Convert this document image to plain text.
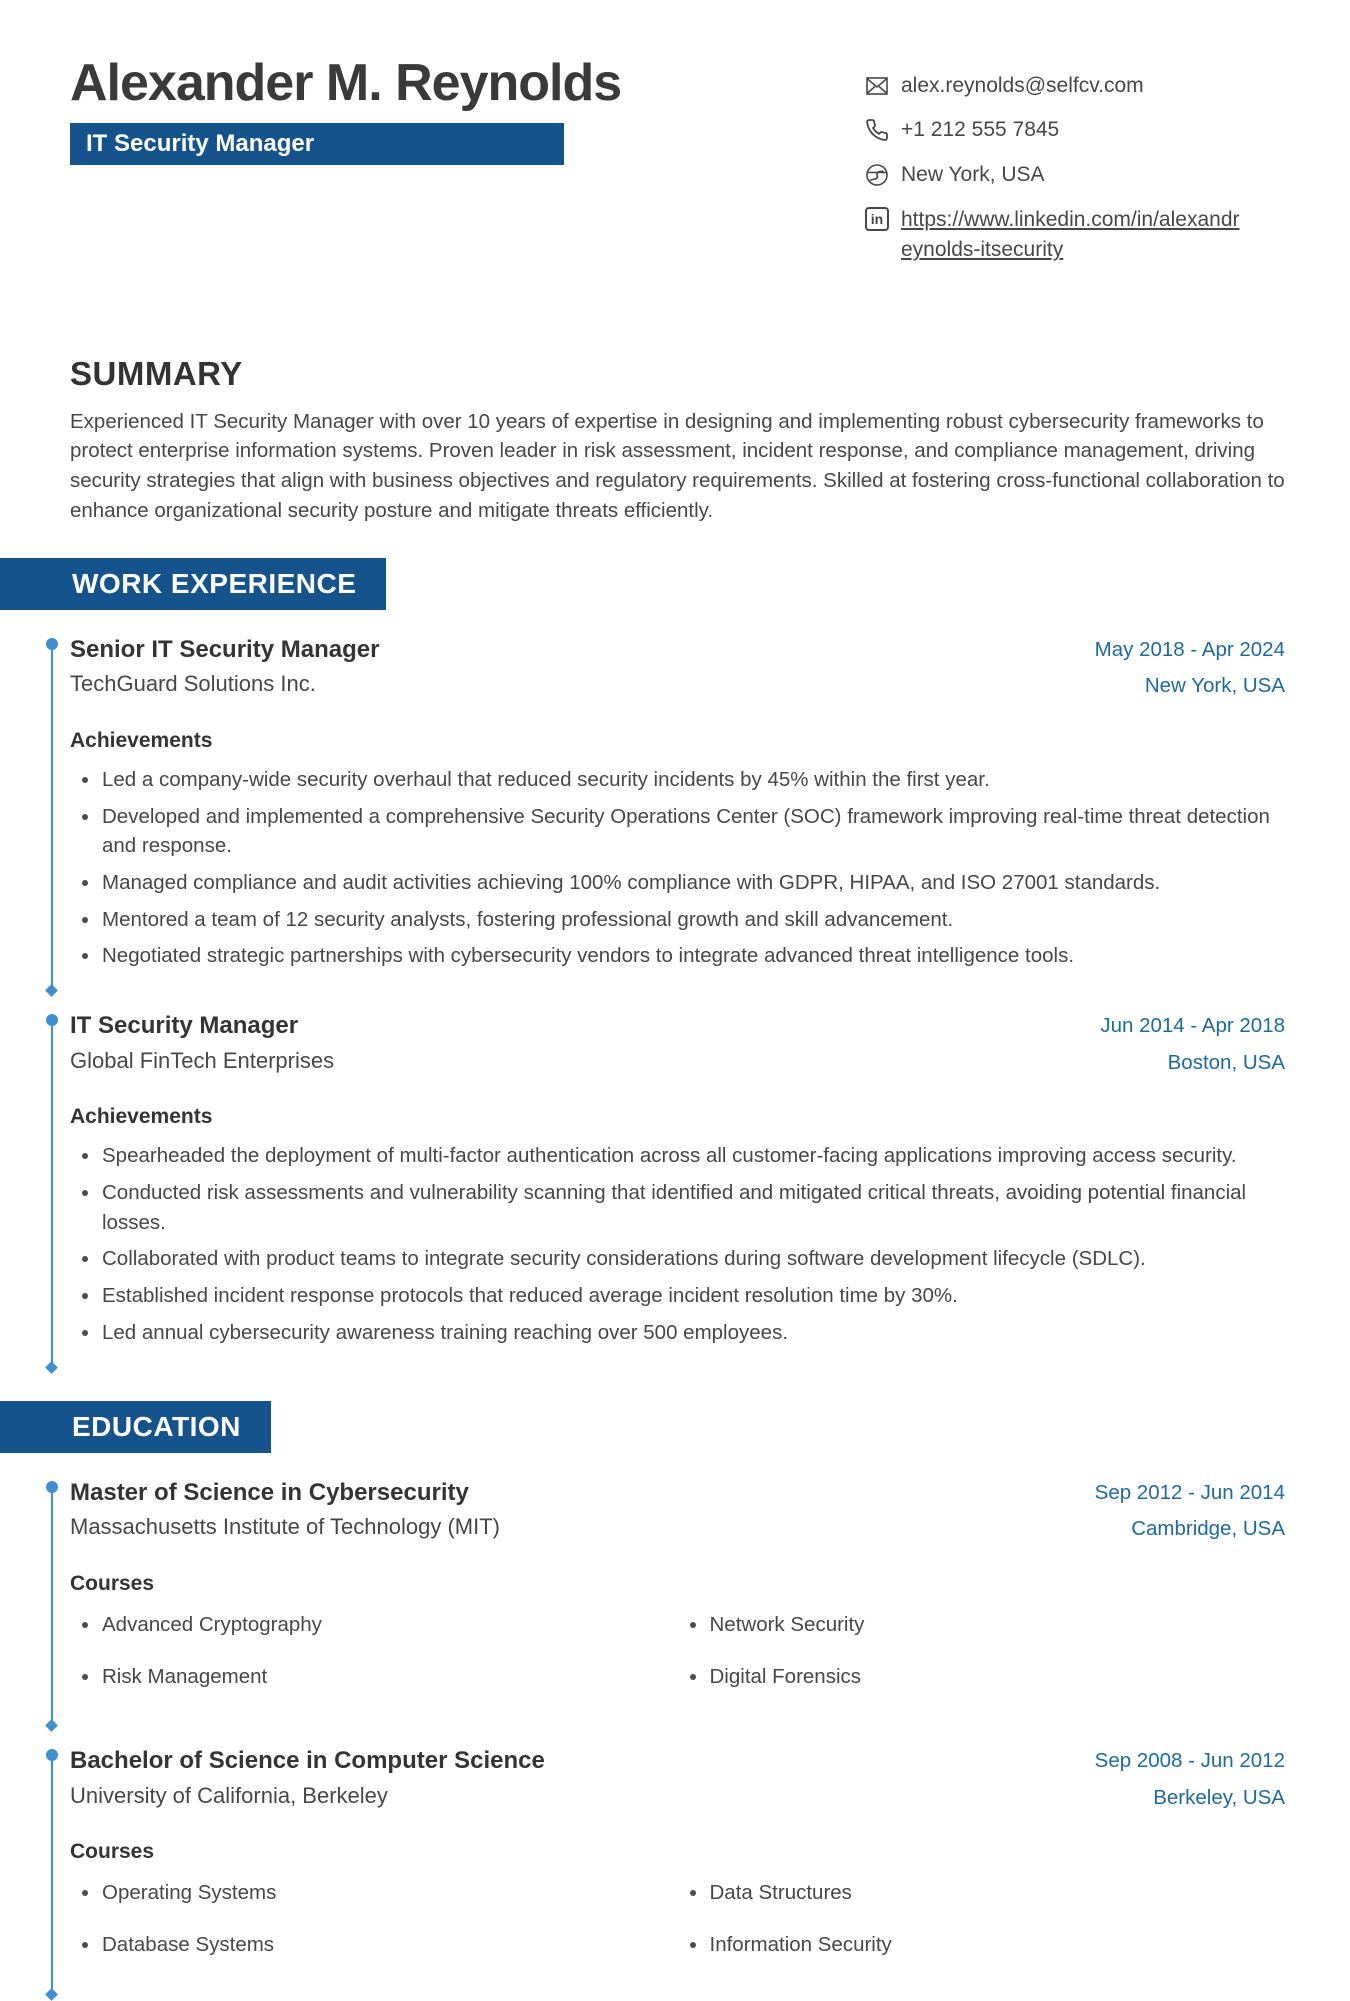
Alexander M. Reynolds
IT Security Manager
alex.reynolds@selfcv.com
+1 212 555 7845
New York, USA
in https://www.linkedin.com/in/alexandreynolds-itsecurity
SUMMARY

Experienced IT Security Manager with over 10 years of expertise in designing and implementing robust cybersecurity frameworks to protect enterprise information systems. Proven leader in risk assessment, incident response, and compliance management, driving security strategies that align with business objectives and regulatory requirements. Skilled at fostering cross-functional collaboration to enhance organizational security posture and mitigate threats efficiently.

WORK EXPERIENCE
Senior IT Security Manager
TechGuard Solutions Inc.
May 2018 - Apr 2024
New York, USA
Achievements
Led a company-wide security overhaul that reduced security incidents by 45% within the first year.
Developed and implemented a comprehensive Security Operations Center (SOC) framework improving real-time threat detection and response.
Managed compliance and audit activities achieving 100% compliance with GDPR, HIPAA, and ISO 27001 standards.
Mentored a team of 12 security analysts, fostering professional growth and skill advancement.
Negotiated strategic partnerships with cybersecurity vendors to integrate advanced threat intelligence tools.
IT Security Manager
Global FinTech Enterprises
Jun 2014 - Apr 2018
Boston, USA
Achievements
Spearheaded the deployment of multi-factor authentication across all customer-facing applications improving access security.
Conducted risk assessments and vulnerability scanning that identified and mitigated critical threats, avoiding potential financial losses.
Collaborated with product teams to integrate security considerations during software development lifecycle (SDLC).
Established incident response protocols that reduced average incident resolution time by 30%.
Led annual cybersecurity awareness training reaching over 500 employees.
EDUCATION
Master of Science in Cybersecurity
Massachusetts Institute of Technology (MIT)
Sep 2012 - Jun 2014
Cambridge, USA
Courses
Advanced Cryptography	Network Security
Risk Management	Digital Forensics
Bachelor of Science in Computer Science
University of California, Berkeley
Sep 2008 - Jun 2012
Berkeley, USA
Courses
Operating Systems	Data Structures
Database Systems	Information Security
